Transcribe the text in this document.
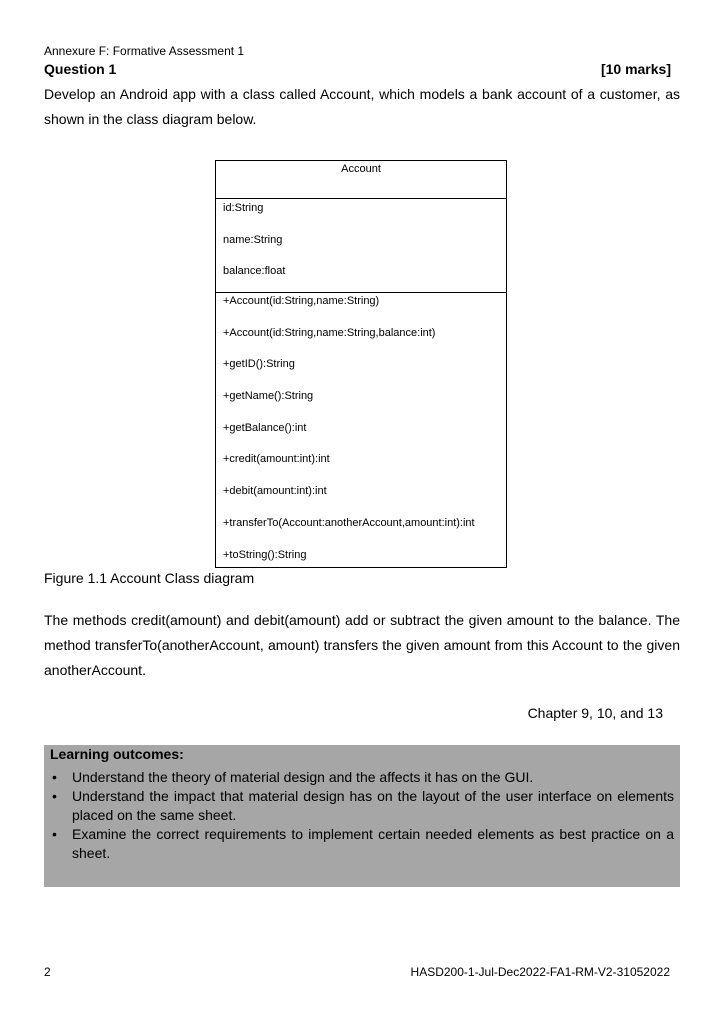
Annexure F: Formative Assessment 1
Question 1	[10 marks]
Develop an Android app with a class called Account, which models a bank account of a customer, as shown in the class diagram below.
Account
id:String
name:String
balance:float
+Account(id:String,name:String)
+Account(id:String,name:String,balance:int)
+getID():String
+getName():String
+getBalance():int
+credit(amount:int):int
+debit(amount:int):int
+transferTo(Account:anotherAccount,amount:int):int
+toString():String
Figure 1.1 Account Class diagram
The methods credit(amount) and debit(amount) add or subtract the given amount to the balance. The method transferTo(anotherAccount, amount) transfers the given amount from this Account to the given anotherAccount.
Chapter 9, 10, and 13
Learning outcomes:
• Understand the theory of material design and the affects it has on the GUI.
• Understand the impact that material design has on the layout of the user interface on elements placed on the same sheet.
• Examine the correct requirements to implement certain needed elements as best practice on a sheet.
2	HASD200-1-Jul-Dec2022-FA1-RM-V2-31052022
